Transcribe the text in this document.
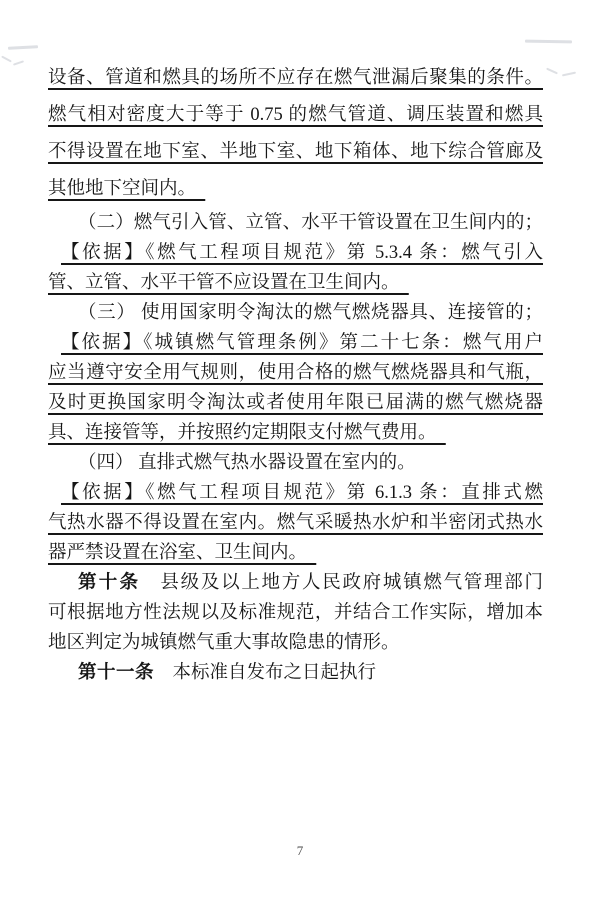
设备、管道和燃具的场所不应存在燃气泄漏后聚集的条件。
燃气相对密度大于等于 0.75 的燃气管道、调压装置和燃具
不得设置在地下室、半地下室、地下箱体、地下综合管廊及
其他地下空间内。　
（二）燃气引入管、立管、水平干管设置在卫生间内的；
【依据】《燃气工程项目规范》第 5.3.4 条：燃气引入
管、立管、水平干管不应设置在卫生间内。　
（三） 使用国家明令淘汰的燃气燃烧器具、连接管的；
【依据】《城镇燃气管理条例》第二十七条：燃气用户
应当遵守安全用气规则，使用合格的燃气燃烧器具和气瓶，
及时更换国家明令淘汰或者使用年限已届满的燃气燃烧器
具、连接管等，并按照约定期限支付燃气费用。　
（四） 直排式燃气热水器设置在室内的。
【依据】《燃气工程项目规范》第 6.1.3 条：直排式燃
气热水器不得设置在室内。燃气采暖热水炉和半密闭式热水
器严禁设置在浴室、卫生间内。　
第十条　县级及以上地方人民政府城镇燃气管理部门
可根据地方性法规以及标准规范，并结合工作实际，增加本
地区判定为城镇燃气重大事故隐患的情形。
第十一条　本标准自发布之日起执行
7
